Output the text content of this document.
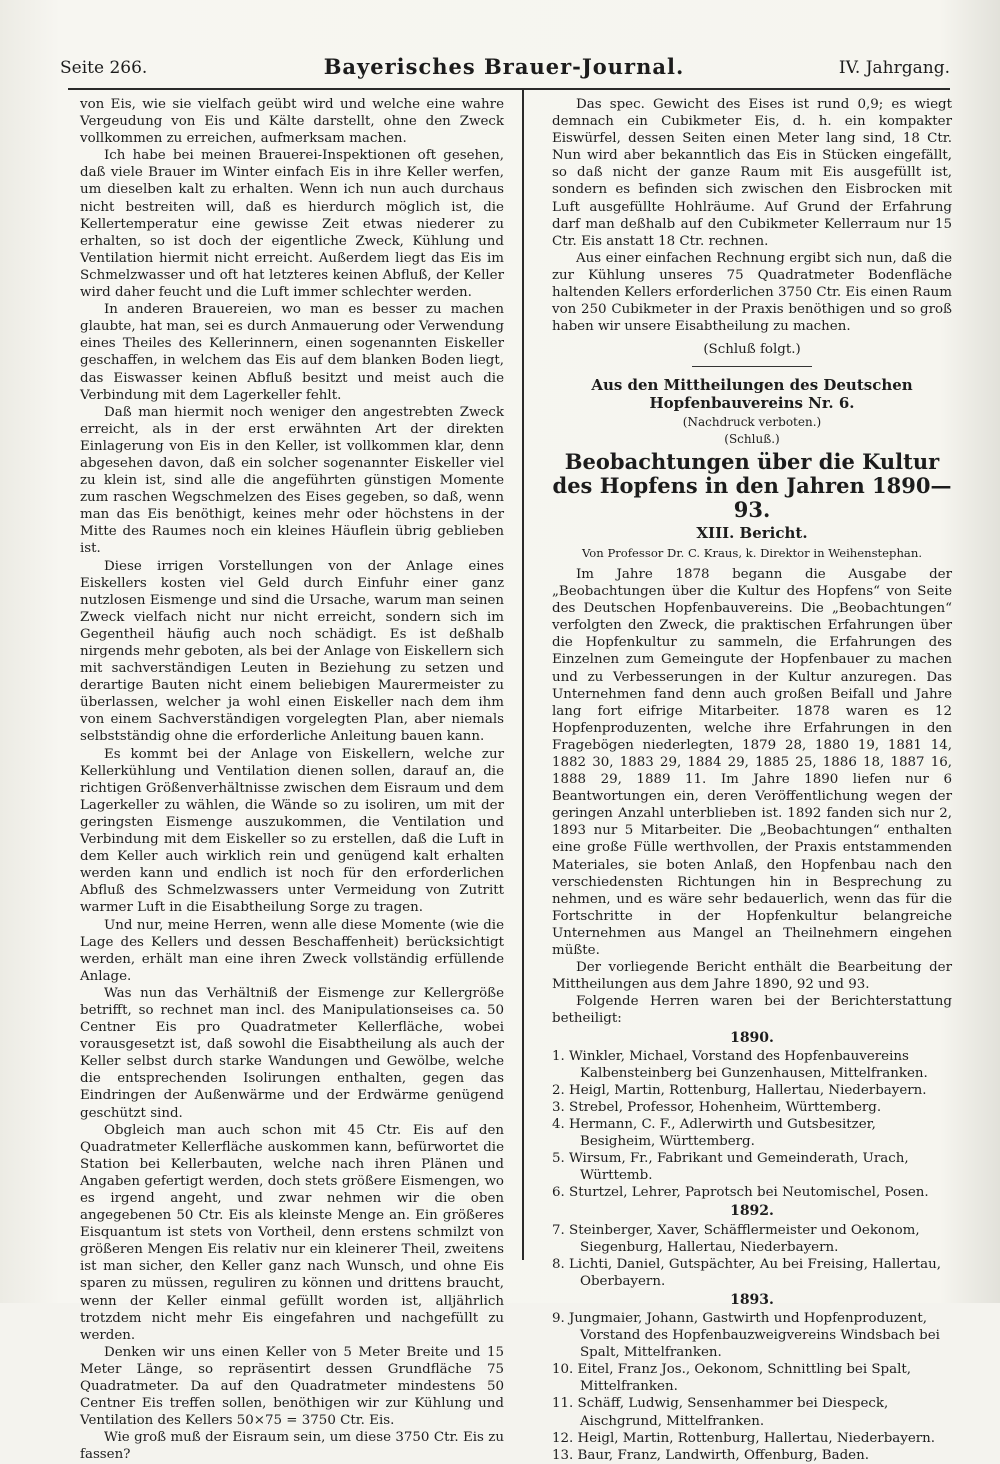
Seite 266.	Bayerisches Brauer-Journal.	IV. Jahrgang.

von Eis, wie sie vielfach geübt wird und welche eine wahre Vergeudung von Eis und Kälte darstellt, ohne den Zweck vollkommen zu erreichen, aufmerksam machen.

Ich habe bei meinen Brauerei-Inspektionen oft gesehen, daß viele Brauer im Winter einfach Eis in ihre Keller werfen, um dieselben kalt zu erhalten. Wenn ich nun auch durchaus nicht bestreiten will, daß es hierdurch möglich ist, die Kellertemperatur eine gewisse Zeit etwas niederer zu erhalten, so ist doch der eigentliche Zweck, Kühlung und Ventilation hiermit nicht erreicht. Außerdem liegt das Eis im Schmelzwasser und oft hat letzteres keinen Abfluß, der Keller wird daher feucht und die Luft immer schlechter werden.

In anderen Brauereien, wo man es besser zu machen glaubte, hat man, sei es durch Anmauerung oder Verwendung eines Theiles des Kellerinnern, einen sogenannten Eiskeller geschaffen, in welchem das Eis auf dem blanken Boden liegt, das Eiswasser keinen Abfluß besitzt und meist auch die Verbindung mit dem Lagerkeller fehlt.

Daß man hiermit noch weniger den angestrebten Zweck erreicht, als in der erst erwähnten Art der direkten Einlagerung von Eis in den Keller, ist vollkommen klar, denn abgesehen davon, daß ein solcher sogenannter Eiskeller viel zu klein ist, sind alle die angeführten günstigen Momente zum raschen Wegschmelzen des Eises gegeben, so daß, wenn man das Eis benöthigt, keines mehr oder höchstens in der Mitte des Raumes noch ein kleines Häuflein übrig geblieben ist.

Diese irrigen Vorstellungen von der Anlage eines Eiskellers kosten viel Geld durch Einfuhr einer ganz nutzlosen Eismenge und sind die Ursache, warum man seinen Zweck vielfach nicht nur nicht erreicht, sondern sich im Gegentheil häufig auch noch schädigt. Es ist deßhalb nirgends mehr geboten, als bei der Anlage von Eiskellern sich mit sachverständigen Leuten in Beziehung zu setzen und derartige Bauten nicht einem beliebigen Maurermeister zu überlassen, welcher ja wohl einen Eiskeller nach dem ihm von einem Sachverständigen vorgelegten Plan, aber niemals selbstständig ohne die erforderliche Anleitung bauen kann.

Es kommt bei der Anlage von Eiskellern, welche zur Kellerkühlung und Ventilation dienen sollen, darauf an, die richtigen Größenverhältnisse zwischen dem Eisraum und dem Lagerkeller zu wählen, die Wände so zu isoliren, um mit der geringsten Eismenge auszukommen, die Ventilation und Verbindung mit dem Eiskeller so zu erstellen, daß die Luft in dem Keller auch wirklich rein und genügend kalt erhalten werden kann und endlich ist noch für den erforderlichen Abfluß des Schmelzwassers unter Vermeidung von Zutritt warmer Luft in die Eisabtheilung Sorge zu tragen.

Und nur, meine Herren, wenn alle diese Momente (wie die Lage des Kellers und dessen Beschaffenheit) berücksichtigt werden, erhält man eine ihren Zweck vollständig erfüllende Anlage.

Was nun das Verhältniß der Eismenge zur Kellergröße betrifft, so rechnet man incl. des Manipulationseises ca. 50 Centner Eis pro Quadratmeter Kellerfläche, wobei vorausgesetzt ist, daß sowohl die Eisabtheilung als auch der Keller selbst durch starke Wandungen und Gewölbe, welche die entsprechenden Isolirungen enthalten, gegen das Eindringen der Außenwärme und der Erdwärme genügend geschützt sind.

Obgleich man auch schon mit 45 Ctr. Eis auf den Quadratmeter Kellerfläche auskommen kann, befürwortet die Station bei Kellerbauten, welche nach ihren Plänen und Angaben gefertigt werden, doch stets größere Eismengen, wo es irgend angeht, und zwar nehmen wir die oben angegebenen 50 Ctr. Eis als kleinste Menge an. Ein größeres Eisquantum ist stets von Vortheil, denn erstens schmilzt von größeren Mengen Eis relativ nur ein kleinerer Theil, zweitens ist man sicher, den Keller ganz nach Wunsch, und ohne Eis sparen zu müssen, reguliren zu können und drittens braucht, wenn der Keller einmal gefüllt worden ist, alljährlich trotzdem nicht mehr Eis eingefahren und nachgefüllt zu werden.

Denken wir uns einen Keller von 5 Meter Breite und 15 Meter Länge, so repräsentirt dessen Grundfläche 75 Quadratmeter. Da auf den Quadratmeter mindestens 50 Centner Eis treffen sollen, benöthigen wir zur Kühlung und Ventilation des Kellers 50×75 = 3750 Ctr. Eis.

Wie groß muß der Eisraum sein, um diese 3750 Ctr. Eis zu fassen?

Das spec. Gewicht des Eises ist rund 0,9; es wiegt demnach ein Cubikmeter Eis, d. h. ein kompakter Eiswürfel, dessen Seiten einen Meter lang sind, 18 Ctr. Nun wird aber bekanntlich das Eis in Stücken eingefällt, so daß nicht der ganze Raum mit Eis ausgefüllt ist, sondern es befinden sich zwischen den Eisbrocken mit Luft ausgefüllte Hohlräume. Auf Grund der Erfahrung darf man deßhalb auf den Cubikmeter Kellerraum nur 15 Ctr. Eis anstatt 18 Ctr. rechnen.

Aus einer einfachen Rechnung ergibt sich nun, daß die zur Kühlung unseres 75 Quadratmeter Bodenfläche haltenden Kellers erforderlichen 3750 Ctr. Eis einen Raum von 250 Cubikmeter in der Praxis benöthigen und so groß haben wir unsere Eisabtheilung zu machen.

(Schluß folgt.)
Aus den Mittheilungen des Deutschen Hopfenbauvereins Nr. 6.
(Nachdruck verboten.)
(Schluß.)
Beobachtungen über die Kultur des Hopfens in den Jahren 1890—93.
XIII. Bericht.
Von Professor Dr. C. Kraus, k. Direktor in Weihenstephan.

Im Jahre 1878 begann die Ausgabe der „Beobachtungen über die Kultur des Hopfens“ von Seite des Deutschen Hopfenbauvereins. Die „Beobachtungen“ verfolgten den Zweck, die praktischen Erfahrungen über die Hopfenkultur zu sammeln, die Erfahrungen des Einzelnen zum Gemeingute der Hopfenbauer zu machen und zu Verbesserungen in der Kultur anzuregen. Das Unternehmen fand denn auch großen Beifall und Jahre lang fort eifrige Mitarbeiter. 1878 waren es 12 Hopfenproduzenten, welche ihre Erfahrungen in den Fragebögen niederlegten, 1879 28, 1880 19, 1881 14, 1882 30, 1883 29, 1884 29, 1885 25, 1886 18, 1887 16, 1888 29, 1889 11. Im Jahre 1890 liefen nur 6 Beantwortungen ein, deren Veröffentlichung wegen der geringen Anzahl unterblieben ist. 1892 fanden sich nur 2, 1893 nur 5 Mitarbeiter. Die „Beobachtungen“ enthalten eine große Fülle werthvollen, der Praxis entstammenden Materiales, sie boten Anlaß, den Hopfenbau nach den verschiedensten Richtungen hin in Besprechung zu nehmen, und es wäre sehr bedauerlich, wenn das für die Fortschritte in der Hopfenkultur belangreiche Unternehmen aus Mangel an Theilnehmern eingehen müßte.

Der vorliegende Bericht enthält die Bearbeitung der Mittheilungen aus dem Jahre 1890, 92 und 93.

Folgende Herren waren bei der Berichterstattung betheiligt:

1890.
1. Winkler, Michael, Vorstand des Hopfenbauvereins Kalbensteinberg bei Gunzenhausen, Mittelfranken.
2. Heigl, Martin, Rottenburg, Hallertau, Niederbayern.
3. Strebel, Professor, Hohenheim, Württemberg.
4. Hermann, C. F., Adlerwirth und Gutsbesitzer, Besigheim, Württemberg.
5. Wirsum, Fr., Fabrikant und Gemeinderath, Urach, Württemb.
6. Sturtzel, Lehrer, Paprotsch bei Neutomischel, Posen.
1892.
7. Steinberger, Xaver, Schäfflermeister und Oekonom, Siegenburg, Hallertau, Niederbayern.
8. Lichti, Daniel, Gutspächter, Au bei Freising, Hallertau, Oberbayern.
1893.
9. Jungmaier, Johann, Gastwirth und Hopfenproduzent, Vorstand des Hopfenbauzweigvereins Windsbach bei Spalt, Mittelfranken.
10. Eitel, Franz Jos., Oekonom, Schnittling bei Spalt, Mittelfranken.
11. Schäff, Ludwig, Sensenhammer bei Diespeck, Aischgrund, Mittelfranken.
12. Heigl, Martin, Rottenburg, Hallertau, Niederbayern.
13. Baur, Franz, Landwirth, Offenburg, Baden.
